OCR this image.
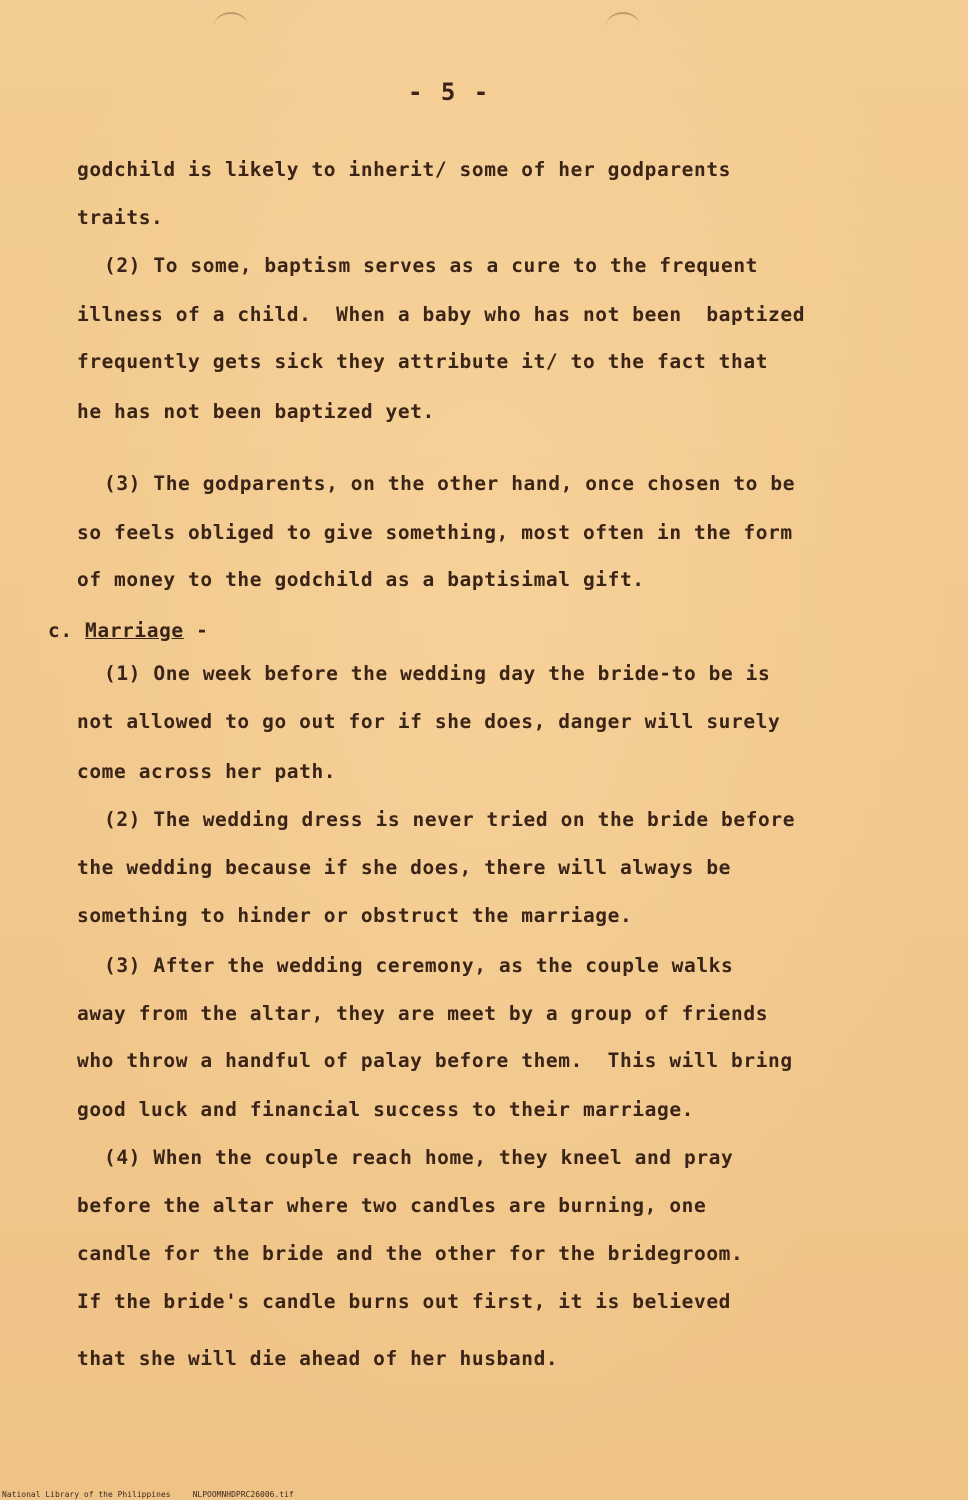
- 5 -
godchild is likely to inherit/ some of her godparents
traits.
(2) To some, baptism serves as a cure to the frequent
illness of a child.  When a baby who has not been  baptized
frequently gets sick they attribute it/ to the fact that
he has not been baptized yet.
(3) The godparents, on the other hand, once chosen to be
so feels obliged to give something, most often in the form
of money to the godchild as a baptisimal gift.
c. Marriage -
(1) One week before the wedding day the bride-to be is
not allowed to go out for if she does, danger will surely
come across her path.
(2) The wedding dress is never tried on the bride before
the wedding because if she does, there will always be
something to hinder or obstruct the marriage.
(3) After the wedding ceremony, as the couple walks
away from the altar, they are meet by a group of friends
who throw a handful of palay before them.  This will bring
good luck and financial success to their marriage.
(4) When the couple reach home, they kneel and pray
before the altar where two candles are burning, one
candle for the bride and the other for the bridegroom.
If the bride's candle burns out first, it is believed
that she will die ahead of her husband.
National Library of the Philippines	NLPOOMNHDPRC26006.tif
